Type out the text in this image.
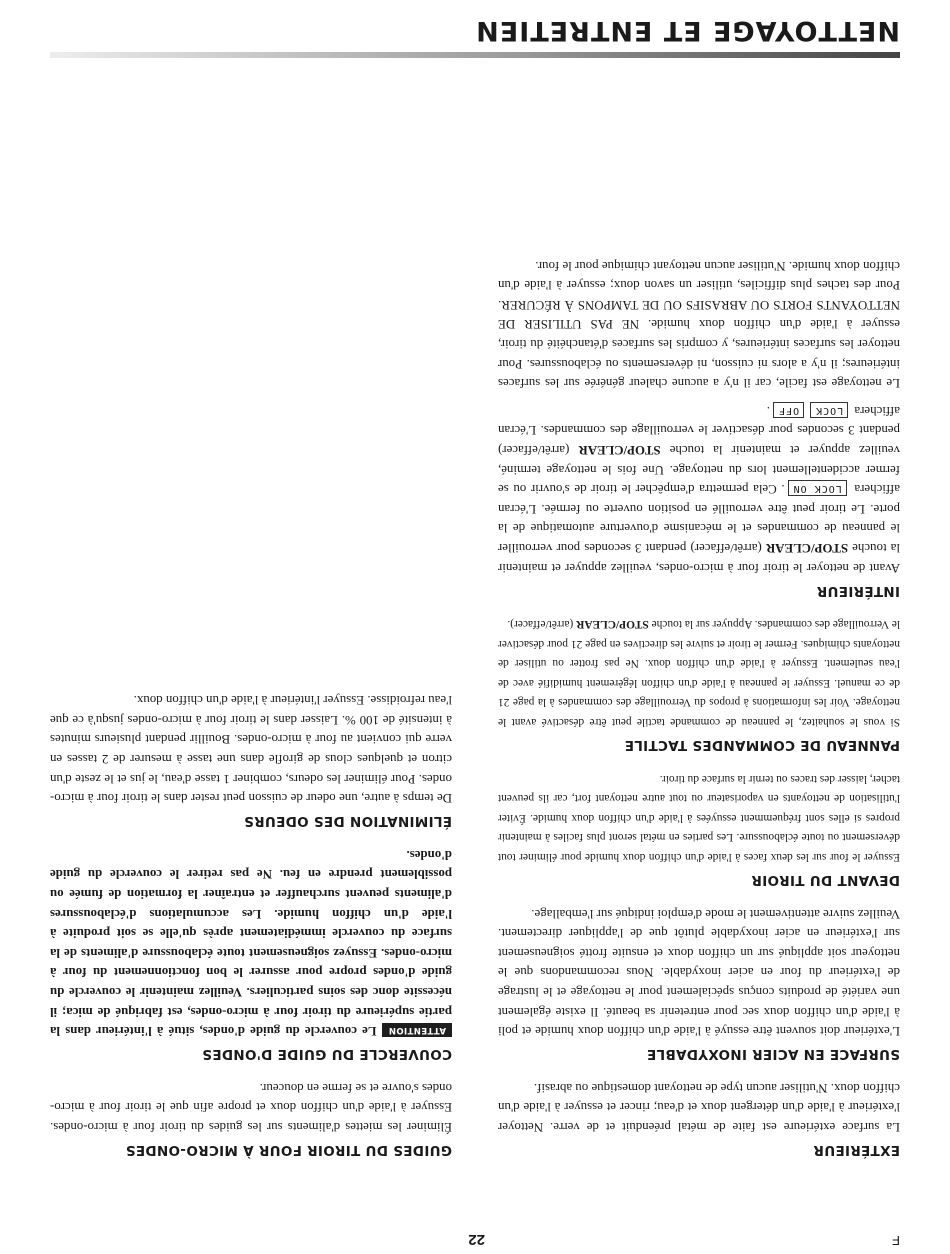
F
22
NETTOYAGE ET ENTRETIEN
EXTÉRIEUR

La surface extérieure est faite de métal préenduit et de verre. Nettoyer l'extérieur à l'aide d'un détergent doux et d'eau; rincer et essuyer à l'aide d'un chiffon doux. N'utiliser aucun type de nettoyant domestique ou abrasif.

SURFACE EN ACIER INOXYDABLE

L'extérieur doit souvent être essuyé à l'aide d'un chiffon doux humide et poli à l'aide d'un chiffon doux sec pour entretenir sa beauté. Il existe également une variété de produits conçus spécialement pour le nettoyage et le lustrage de l'extérieur du four en acier inoxydable. Nous recommandons que le nettoyeur soit appliqué sur un chiffon doux et ensuite frotté soigneusement sur l'extérieur en acier inoxydable plutôt que de l'appliquer directement. Veuillez suivre attentivement le mode d'emploi indiqué sur l'emballage.

DEVANT DU TIROIR

Essuyer le four sur les deux faces à l'aide d'un chiffon doux humide pour éliminer tout déversement ou toute éclaboussure. Les parties en métal seront plus faciles à maintenir propres si elles sont fréquemment essuyées à l'aide d'un chiffon doux humide. Éviter l'utilisation de nettoyants en vaporisateur ou tout autre nettoyant fort, car ils peuvent tacher, laisser des traces ou ternir la surface du tiroir.

PANNEAU DE COMMANDES TACTILE

Si vous le souhaitez, le panneau de commande tactile peut être désactivé avant le nettoyage. Voir les informations à propos du Verrouillage des commandes à la page 21 de ce manuel. Essuyer le panneau à l'aide d'un chiffon légèrement humidifié avec de l'eau seulement. Essuyer à l'aide d'un chiffon doux. Ne pas frotter ou utiliser de nettoyants chimiques. Fermer le tiroir et suivre les directives en page 21 pour désactiver le Verrouillage des commandes. Appuyer sur la touche STOP/CLEAR (arrêt/effacer).

INTÉRIEUR

Avant de nettoyer le tiroir four à micro-ondes, veuillez appuyer et maintenir la touche STOP/CLEAR (arrêt/effacer) pendant 3 secondes pour verrouiller le panneau de commandes et le mécanisme d'ouverture automatique de la porte. Le tiroir peut être verrouillé en position ouverte ou fermée. L'écran affichera LOCK ON. Cela permettra d'empêcher le tiroir de s'ouvrir ou se fermer accidentellement lors du nettoyage. Une fois le nettoyage terminé, veuillez appuyer et maintenir la touche STOP/CLEAR (arrêt/effacer) pendant 3 secondes pour désactiver le verrouillage des commandes. L'écran affichera LOCKOFF.

Le nettoyage est facile, car il n'y a aucune chaleur générée sur les surfaces intérieures; il n'y a alors ni cuisson, ni déversements ou éclaboussures. Pour nettoyer les surfaces intérieures, y compris les surfaces d'étanchéité du tiroir, essuyer à l'aide d'un chiffon doux humide. NE PAS UTILISER DE NETTOYANTS FORTS OU ABRASIFS OU DE TAMPONS À RÉCURER. Pour des taches plus difficiles, utiliser un savon doux; essuyer à l'aide d'un chiffon doux humide. N'utiliser aucun nettoyant chimique pour le four.

GUIDES DU TIROIR FOUR À MICRO-ONDES

Éliminer les miettes d'aliments sur les guides du tiroir four à micro-ondes. Essuyer à l'aide d'un chiffon doux et propre afin que le tiroir four à micro-ondes s'ouvre et se ferme en douceur.

COUVERCLE DU GUIDE D'ONDES

ATTENTIONLe couvercle du guide d'ondes, situé à l'intérieur dans la partie supérieure du tiroir four à micro-ondes, est fabriqué de mica; il nécessite donc des soins particuliers. Veuillez maintenir le couvercle du guide d'ondes propre pour assurer le bon fonctionnement du four à micro-ondes. Essuyez soigneusement toute éclaboussure d'aliments de la surface du couvercle immédiatement après qu'elle se soit produite à l'aide d'un chiffon humide. Les accumulations d'éclaboussures d'aliments peuvent surchauffer et entraîner la formation de fumée ou possiblement prendre en feu. Ne pas retirer le couvercle du guide d'ondes.

ÉLIMINATION DES ODEURS

De temps à autre, une odeur de cuisson peut rester dans le tiroir four à micro-ondes. Pour éliminer les odeurs, combiner 1 tasse d'eau, le jus et le zeste d'un citron et quelques clous de girofle dans une tasse à mesurer de 2 tasses en verre qui convient au four à micro-ondes. Bouillir pendant plusieurs minutes à intensité de 100 %. Laisser dans le tiroir four à micro-ondes jusqu'à ce que l'eau refroidisse. Essuyer l'intérieur à l'aide d'un chiffon doux.
